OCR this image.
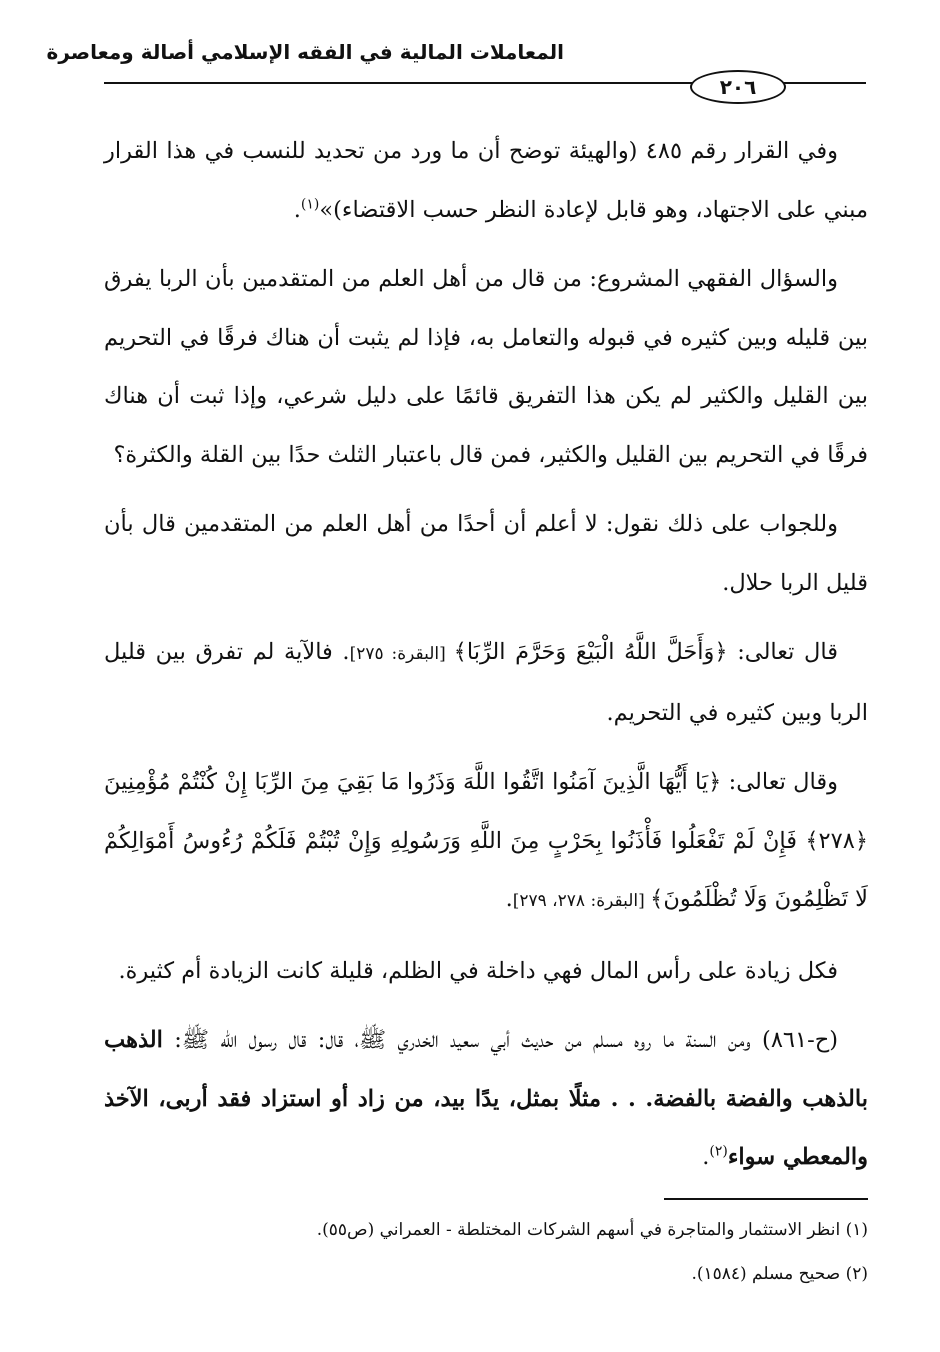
المعاملات المالية في الفقه الإسلامي أصالة ومعاصرة
٢٠٦

وفي القرار رقم ٤٨٥ (والهيئة توضح أن ما ورد من تحديد للنسب في هذا القرار مبني على الاجتهاد، وهو قابل لإعادة النظر حسب الاقتضاء)»$^{(١)}$.

والسؤال الفقهي المشروع: من قال من أهل العلم من المتقدمين بأن الربا يفرق بين قليله وبين كثيره في قبوله والتعامل به، فإذا لم يثبت أن هناك فرقًا في التحريم بين القليل والكثير لم يكن هذا التفريق قائمًا على دليل شرعي، وإذا ثبت أن هناك فرقًا في التحريم بين القليل والكثير، فمن قال باعتبار الثلث حدًا بين القلة والكثرة؟

وللجواب على ذلك نقول: لا أعلم أن أحدًا من أهل العلم من المتقدمين قال بأن قليل الربا حلال.

قال تعالى: ﴿وَأَحَلَّ اللَّهُ الْبَيْعَ وَحَرَّمَ الرِّبَا﴾ [البقرة: ٢٧٥]. فالآية لم تفرق بين قليل الربا وبين كثيره في التحريم.

وقال تعالى: ﴿يَا أَيُّهَا الَّذِينَ آمَنُوا اتَّقُوا اللَّهَ وَذَرُوا مَا بَقِيَ مِنَ الرِّبَا إِنْ كُنْتُمْ مُؤْمِنِينَ ﴿٢٧٨﴾ فَإِنْ لَمْ تَفْعَلُوا فَأْذَنُوا بِحَرْبٍ مِنَ اللَّهِ وَرَسُولِهِ وَإِنْ تُبْتُمْ فَلَكُمْ رُءُوسُ أَمْوَالِكُمْ لَا تَظْلِمُونَ وَلَا تُظْلَمُونَ﴾ [البقرة: ٢٧٨، ٢٧٩].

فكل زيادة على رأس المال فهي داخلة في الظلم، قليلة كانت الزيادة أم كثيرة.

(ح-٨٦١) ومن السنة ما روه مسلم من حديث أبي سعيد الخدري ﷺ، قال: قال رسول الله ﷺ: الذهب بالذهب والفضة بالفضة. . . مثلًا بمثل، يدًا بيد، من زاد أو استزاد فقد أربى، الآخذ والمعطي سواء$^{(٢)}$.

(١) انظر الاستثمار والمتاجرة في أسهم الشركات المختلطة - العمراني (ص٥٥).

(٢) صحيح مسلم (١٥٨٤).
